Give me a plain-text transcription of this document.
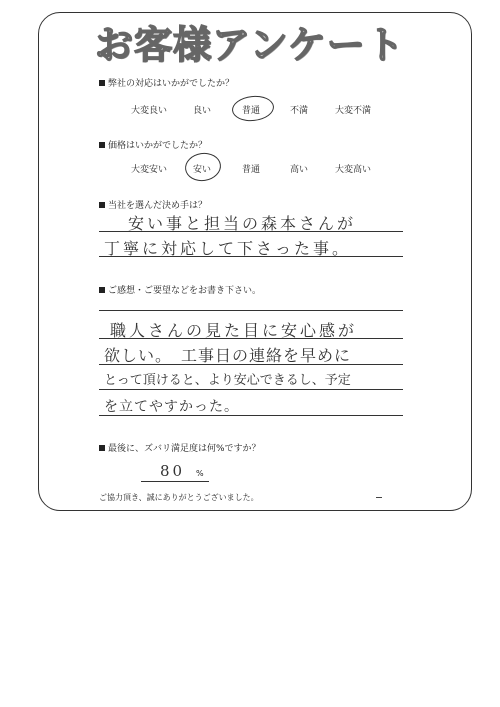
お客様アンケート
弊社の対応はいかがでしたか？
大変良い	良い	普通	不満	大変不満
価格はいかがでしたか？
大変安い	安い	普通	高い	大変高い
当社を選んだ決め手は？
安い事と担当の森本さんが
丁寧に対応して下さった事。
ご感想・ご要望などをお書き下さい。
職人さんの見た目に安心感が
欲しい。　工事日の連絡を早めに
とって頂けると、より安心できるし、予定
を立てやすかった。
最後に、ズバリ満足度は何%ですか？
80 %
ご協力頂き、誠にありがとうございました。
